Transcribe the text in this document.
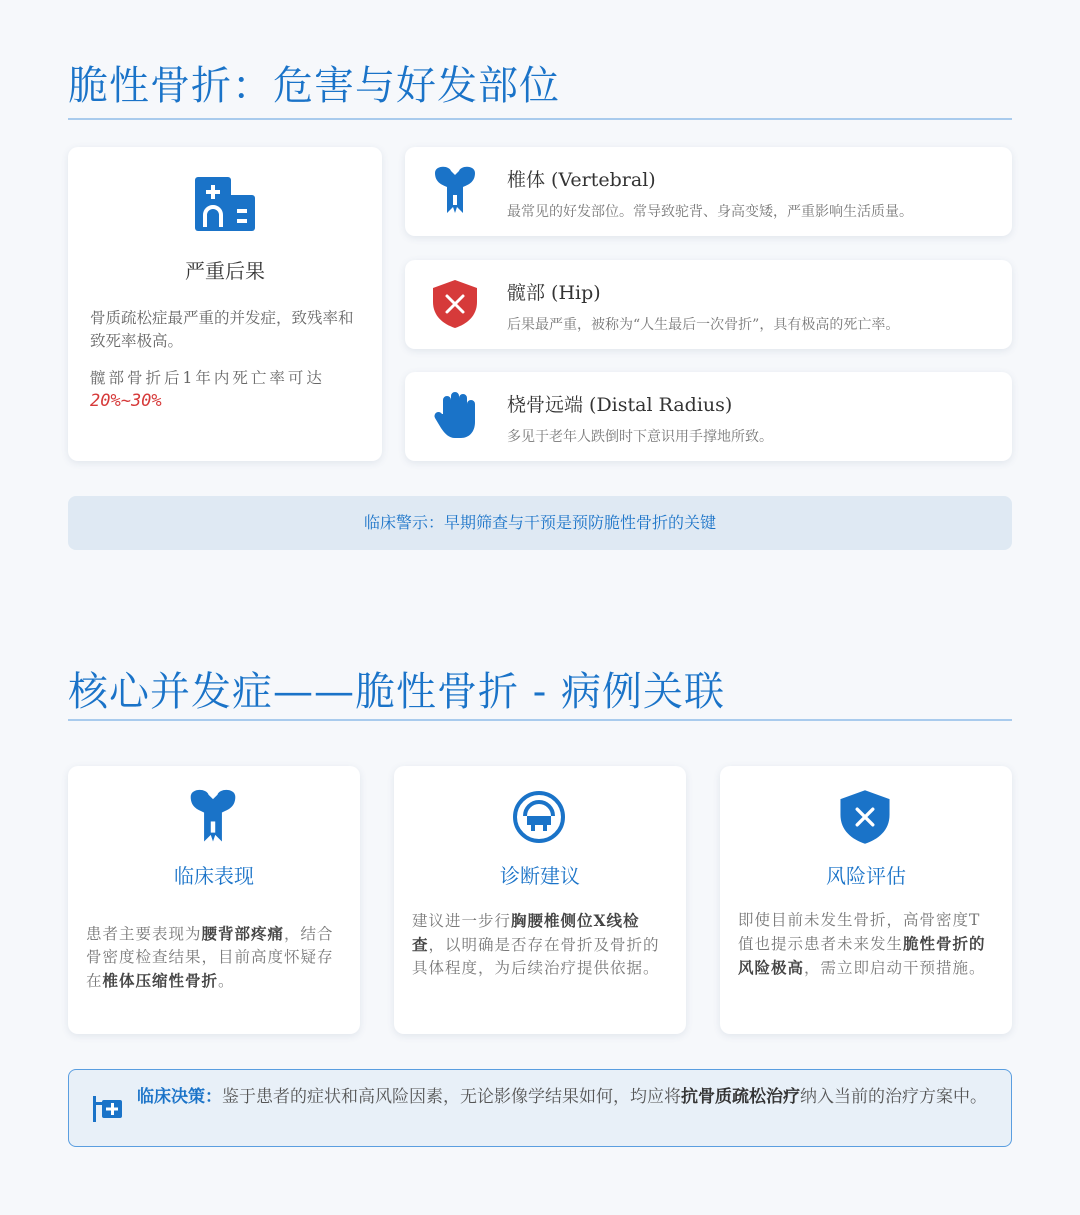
脆性骨折：危害与好发部位
严重后果
骨质疏松症最严重的并发症，致残率和致死率极高。
髋部骨折后1年内死亡率可达
20%~30%
椎体 (Vertebral)
最常见的好发部位。常导致驼背、身高变矮，严重影响生活质量。
髋部 (Hip)
后果最严重，被称为“人生最后一次骨折”，具有极高的死亡率。
桡骨远端 (Distal Radius)
多见于老年人跌倒时下意识用手撑地所致。
临床警示：早期筛查与干预是预防脆性骨折的关键
核心并发症——脆性骨折 - 病例关联
临床表现
患者主要表现为腰背部疼痛，结合骨密度检查结果，目前高度怀疑存在椎体压缩性骨折。
诊断建议
建议进一步行胸腰椎侧位X线检查，以明确是否存在骨折及骨折的具体程度，为后续治疗提供依据。
风险评估
即使目前未发生骨折，高骨密度T值也提示患者未来发生脆性骨折的风险极高，需立即启动干预措施。
临床决策：鉴于患者的症状和高风险因素，无论影像学结果如何，均应将抗骨质疏松治疗纳入当前的治疗方案中。
